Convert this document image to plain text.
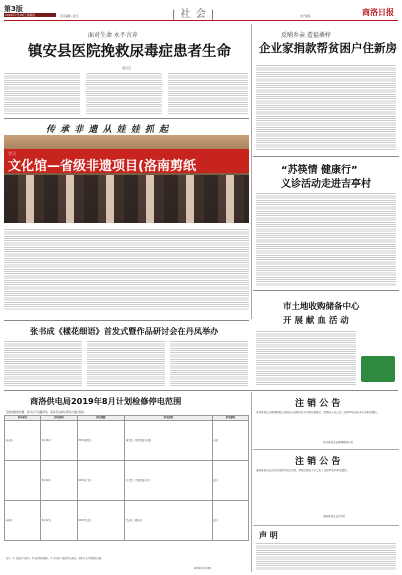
第3版
2019年7月18日 星期四	责任编辑 / 版式	| 社 会 |	电子邮箱	商洛日报
面对生命 永不言弃
镇安县医院挽救尿毒症患者生命
通讯员
反哺乡亲 造福桑梓
企业家捐款帮贫困户住新房
“苏筷情 健康行”
义诊活动走进吉亭村
传 承 非 遗 从 娃 娃 抓 起
学习
文化馆—省级非遗项目(洛南剪纸
市土地收购储备中心
开 展 献 血 活 动
张书成《樣花细语》首发式暨作品研讨会在丹凤举办
商洛供电局2019年8月计划检修停电范围
因电网检修需要，将对以下线路停电，请各有关单位和用户做好准备。
停电单位	停电时间	停电线路	停电范围	停电影响
洛南县	8月16日	35kV洛源线	城关镇、景村镇部分村组	全部
	8月20日	10kV石门线	石门镇、古城镇部分用户	部分
商州区	8月22日	10kV黑山线	黑山村、砚池村	部分
备注：1. 如遇天气原因，停电时间将顺延。2. 请各用户做好停电准备，给您带来不便敬请谅解。
2019年7月18日
注 销 公 告
丹凤县某企业管理有限公司拟向公司登记机关申请注销登记，请债权人自公告之日起45日内向本公司申报债权。
丹凤县某企业管理有限公司
注 销 公 告
洛南县某农业合作社经研究决定注销，请相关债权人于公告之日起45日内申报债权。
洛南县某农业合作社
声 明
